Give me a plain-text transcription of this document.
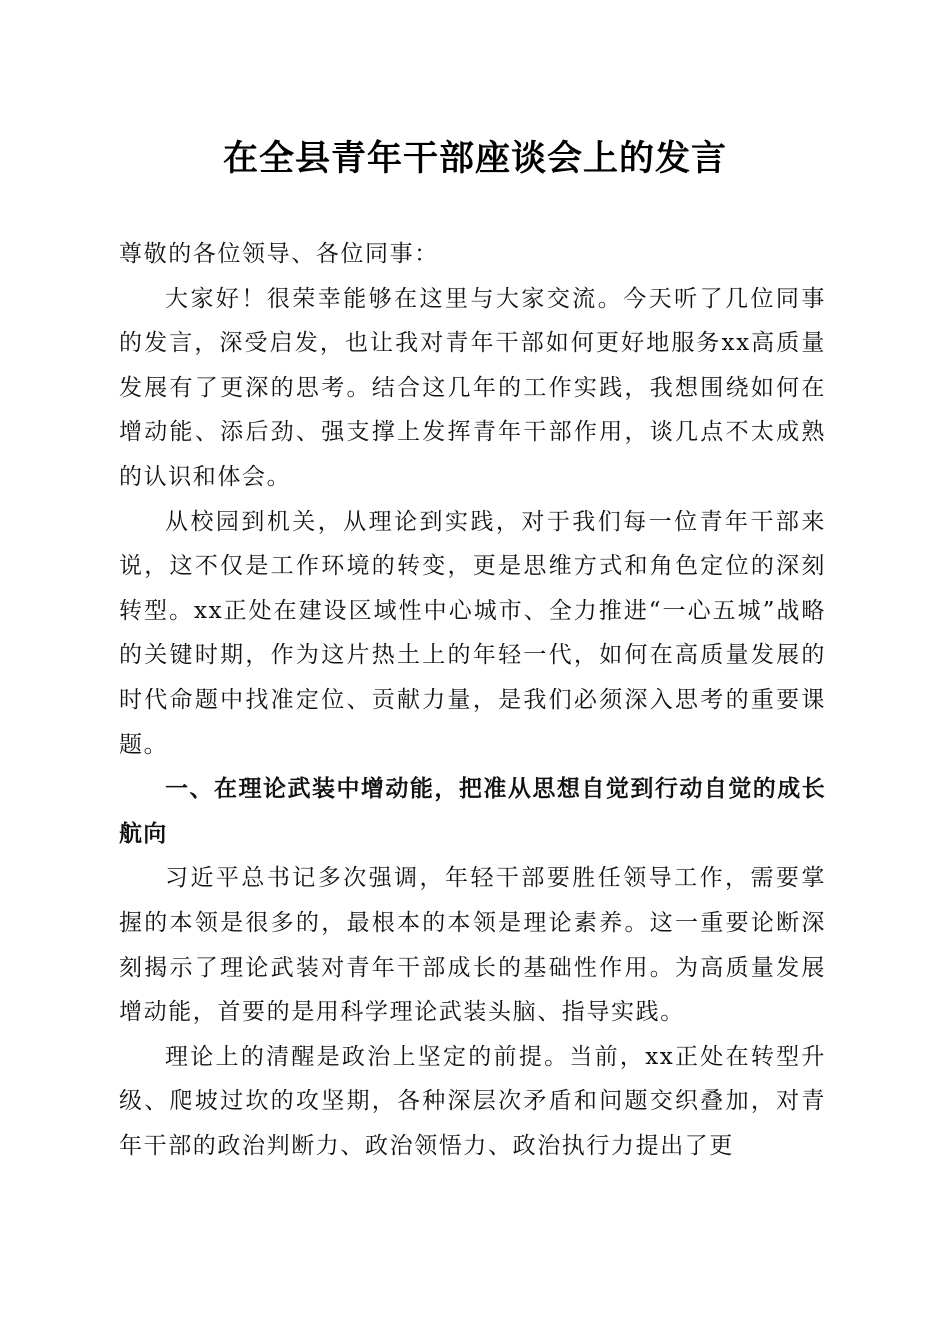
在全县青年干部座谈会上的发言

尊敬的各位领导、各位同事：

大家好！很荣幸能够在这里与大家交流。今天听了几位同事的发言，深受启发，也让我对青年干部如何更好地服务xx高质量发展有了更深的思考。结合这几年的工作实践，我想围绕如何在增动能、添后劲、强支撑上发挥青年干部作用，谈几点不太成熟的认识和体会。

从校园到机关，从理论到实践，对于我们每一位青年干部来说，这不仅是工作环境的转变，更是思维方式和角色定位的深刻转型。xx正处在建设区域性中心城市、全力推进“一心五城”战略的关键时期，作为这片热土上的年轻一代，如何在高质量发展的时代命题中找准定位、贡献力量，是我们必须深入思考的重要课题。

一、在理论武装中增动能，把准从思想自觉到行动自觉的成长航向

习近平总书记多次强调，年轻干部要胜任领导工作，需要掌握的本领是很多的，最根本的本领是理论素养。这一重要论断深刻揭示了理论武装对青年干部成长的基础性作用。为高质量发展增动能，首要的是用科学理论武装头脑、指导实践。

理论上的清醒是政治上坚定的前提。当前，xx正处在转型升级、爬坡过坎的攻坚期，各种深层次矛盾和问题交织叠加，对青年干部的政治判断力、政治领悟力、政治执行力提出了更
